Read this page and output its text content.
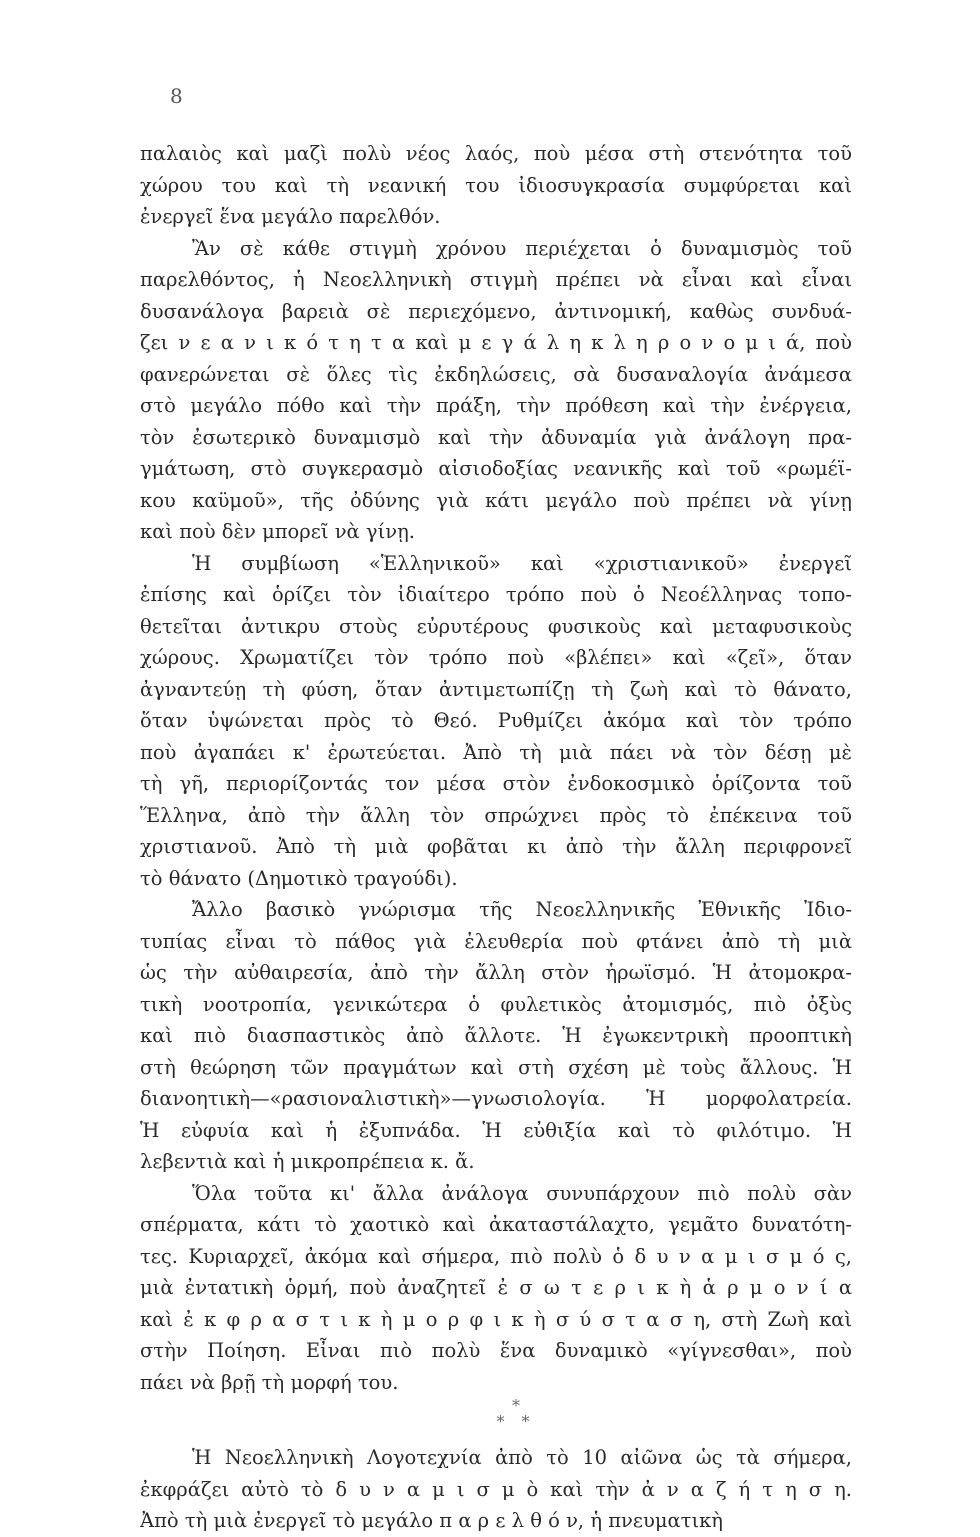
8
παλαιὸς καὶ μαζὶ πολὺ νέος λαός, ποὺ μέσα στὴ στενότητα τοῦ
χώρου του καὶ τὴ νεανική του ἰδιοσυγκρασία συμφύρεται καὶ
ἐνεργεῖ ἕνα μεγάλο παρελθόν.
Ἂν σὲ κάθε στιγμὴ χρόνου περιέχεται ὁ δυναμισμὸς τοῦ
παρελθόντος, ἡ Νεοελληνικὴ στιγμὴ πρέπει νὰ εἶναι καὶ εἶναι
δυσανάλογα βαρειὰ σὲ περιεχόμενο, ἀντινομική, καθὼς συνδυά-
ζει ν ε α ν ι κ ό τ η τ α καὶ μ ε γ ά λ η κ λ η ρ ο ν ο μ ι ά, ποὺ
φανερώνεται σὲ ὅλες τὶς ἐκδηλώσεις, σὰ δυσαναλογία ἀνάμεσα
στὸ μεγάλο πόθο καὶ τὴν πράξη, τὴν πρόθεση καὶ τὴν ἐνέργεια,
τὸν ἐσωτερικὸ δυναμισμὸ καὶ τὴν ἀδυναμία γιὰ ἀνάλογη πρα-
γμάτωση, στὸ συγκερασμὸ αἰσιοδοξίας νεανικῆς καὶ τοῦ «ρωμέϊ-
κου καϋμοῦ», τῆς ὀδύνης γιὰ κάτι μεγάλο ποὺ πρέπει νὰ γίνῃ
καὶ ποὺ δὲν μπορεῖ νὰ γίνῃ.
Ἡ συμβίωση «Ἑλληνικοῦ» καὶ «χριστιανικοῦ» ἐνεργεῖ
ἐπίσης καὶ ὁρίζει τὸν ἰδιαίτερο τρόπο ποὺ ὁ Νεοέλληνας τοπο-
θετεῖται ἀντικρυ στοὺς εὐρυτέρους φυσικοὺς καὶ μεταφυσικοὺς
χώρους. Χρωματίζει τὸν τρόπο ποὺ «βλέπει» καὶ «ζεῖ», ὅταν
ἀγναντεύῃ τὴ φύση, ὅταν ἀντιμετωπίζῃ τὴ ζωὴ καὶ τὸ θάνατο,
ὅταν ὑψώνεται πρὸς τὸ Θεό. Ρυθμίζει ἀκόμα καὶ τὸν τρόπο
ποὺ ἀγαπάει κ' ἐρωτεύεται. Ἀπὸ τὴ μιὰ πάει νὰ τὸν δέσῃ μὲ
τὴ γῆ, περιορίζοντάς τον μέσα στὸν ἐνδοκοσμικὸ ὁρίζοντα τοῦ
Ἕλληνα, ἀπὸ τὴν ἄλλη τὸν σπρώχνει πρὸς τὸ ἐπέκεινα τοῦ
χριστιανοῦ. Ἀπὸ τὴ μιὰ φοβᾶται κι ἀπὸ τὴν ἄλλη περιφρονεῖ
τὸ θάνατο (Δημοτικὸ τραγούδι).
Ἄλλο βασικὸ γνώρισμα τῆς Νεοελληνικῆς Ἐθνικῆς Ἰδιο-
τυπίας εἶναι τὸ πάθος γιὰ ἐλευθερία ποὺ φτάνει ἀπὸ τὴ μιὰ
ὡς τὴν αὐθαιρεσία, ἀπὸ τὴν ἄλλη στὸν ἡρωϊσμό. Ἡ ἀτομοκρα-
τικὴ νοοτροπία, γενικώτερα ὁ φυλετικὸς ἀτομισμός, πιὸ ὀξὺς
καὶ πιὸ διασπαστικὸς ἀπὸ ἄλλοτε. Ἡ ἐγωκεντρικὴ προοπτικὴ
στὴ θεώρηση τῶν πραγμάτων καὶ στὴ σχέση μὲ τοὺς ἄλλους. Ἡ
διανοητικὴ—«ρασιοναλιστικὴ»—γνωσιολογία. Ἡ μορφολατρεία.
Ἡ εὐφυία καὶ ἡ ἐξυπνάδα. Ἡ εὐθιξία καὶ τὸ φιλότιμο. Ἡ
λεβεντιὰ καὶ ἡ μικροπρέπεια κ. ἄ.
Ὅλα τοῦτα κι' ἄλλα ἀνάλογα συνυπάρχουν πιὸ πολὺ σὰν
σπέρματα, κάτι τὸ χαοτικὸ καὶ ἀκαταστάλαχτο, γεμᾶτο δυνατότη-
τες. Κυριαρχεῖ, ἀκόμα καὶ σήμερα, πιὸ πολὺ ὁ δ υ ν α μ ι σ μ ό ς,
μιὰ ἐντατικὴ ὁρμή, ποὺ ἀναζητεῖ ἐ σ ω τ ε ρ ι κ ὴ ἁ ρ μ ο ν ί α
καὶ ἐ κ φ ρ α σ τ ι κ ὴ μ ο ρ φ ι κ ὴ σ ύ σ τ α σ η, στὴ Ζωὴ καὶ
στὴν Ποίηση. Εἶναι πιὸ πολὺ ἕνα δυναμικὸ «γίγνεσθαι», ποὺ
πάει νὰ βρῇ τὴ μορφή του.
*
* *
Ἡ Νεοελληνικὴ Λογοτεχνία ἀπὸ τὸ 10 αἰῶνα ὡς τὰ σήμερα,
ἐκφράζει αὐτὸ τὸ δ υ ν α μ ι σ μ ὸ καὶ τὴν ἀ ν α ζ ή τ η σ η.
Ἀπὸ τὴ μιὰ ἐνεργεῖ τὸ μεγάλο π α ρ ε λ θ ό ν, ἡ πνευματικὴ
